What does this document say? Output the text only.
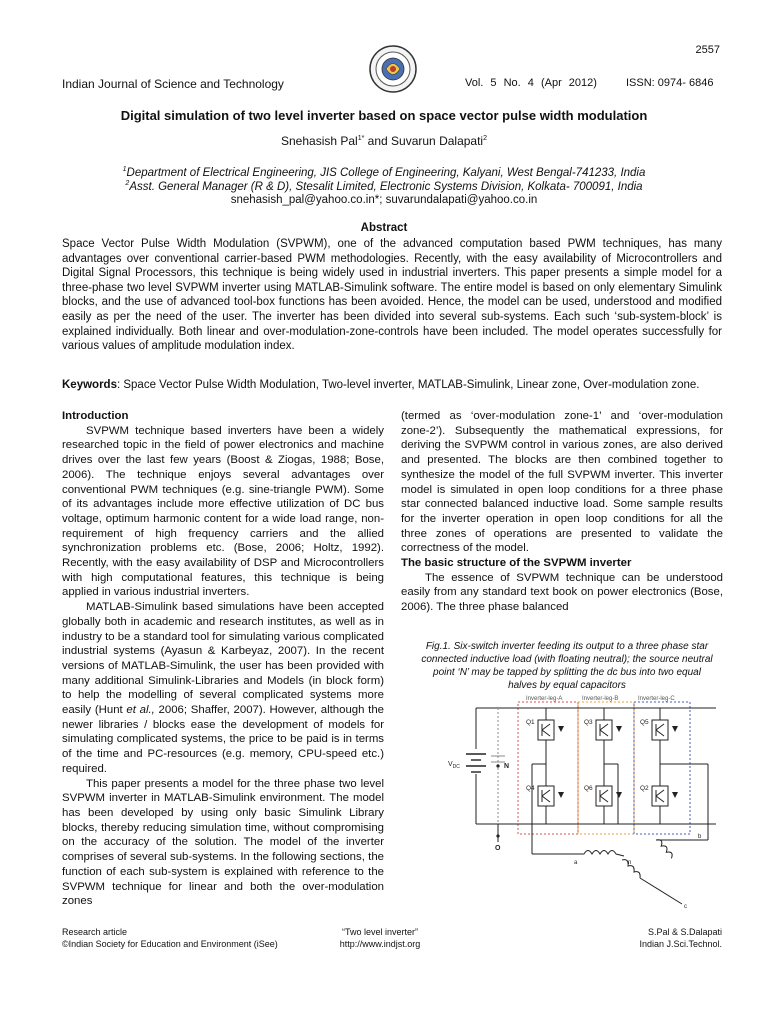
2557
Indian Journal of Science and Technology	Vol. 5 No. 4 (Apr 2012)	ISSN: 0974- 6846
Digital simulation of two level inverter based on space vector pulse width modulation
Snehasish Pal$^{1*}$ and Suvarun Dalapati$^2$
$^1$Department of Electrical Engineering, JIS College of Engineering, Kalyani, West Bengal-741233, India
$^2$Asst. General Manager (R & D), Stesalit Limited, Electronic Systems Division, Kolkata- 700091, India
snehasish_pal@yahoo.co.in*; suvarundalapati@yahoo.co.in
Abstract
Space Vector Pulse Width Modulation (SVPWM), one of the advanced computation based PWM techniques, has many advantages over conventional carrier-based PWM methodologies. Recently, with the easy availability of Microcontrollers and Digital Signal Processors, this technique is being widely used in industrial inverters. This paper presents a simple model for a three-phase two level SVPWM inverter using MATLAB-Simulink software. The entire model is based on only elementary Simulink blocks, and the use of advanced tool-box functions has been avoided. Hence, the model can be used, understood and modified easily as per the need of the user. The inverter has been divided into several sub-systems. Each such ‘sub-system-block’ is explained individually. Both linear and over-modulation-zone-controls have been included. The model operates successfully for various values of amplitude modulation index.
Keywords: Space Vector Pulse Width Modulation, Two-level inverter, MATLAB-Simulink, Linear zone, Over-modulation zone.

Introduction

SVPWM technique based inverters have been a widely researched topic in the field of power electronics and machine drives over the last few years (Boost & Ziogas, 1988; Bose, 2006). The technique enjoys several advantages over conventional PWM techniques (e.g. sine-triangle PWM). Some of its advantages include more effective utilization of DC bus voltage, optimum harmonic content for a wide load range, non-requirement of high frequency carriers and the allied synchronization problems etc. (Bose, 2006; Holtz, 1992). Recently, with the easy availability of DSP and Microcontrollers with high computational features, this technique is being applied in various industrial inverters.

MATLAB-Simulink based simulations have been accepted globally both in academic and research institutes, as well as in industry to be a standard tool for simulating various complicated industrial systems (Ayasun & Karbeyaz, 2007). In the recent versions of MATLAB-Simulink, the user has been provided with many additional Simulink-Libraries and Models (in block form) to help the modelling of several complicated systems more easily (Hunt et al., 2006; Shaffer, 2007). However, although the newer libraries / blocks ease the development of models for simulating complicated systems, the price to be paid is in terms of the time and PC-resources (e.g. memory, CPU-speed etc.) required.

This paper presents a model for the three phase two level SVPWM inverter in MATLAB-Simulink environment. The model has been developed by using only basic Simulink Library blocks, thereby reducing simulation time, without compromising on the accuracy of the solution. The model of the inverter comprises of several sub-systems. In the following sections, the function of each sub-system is explained with reference to the SVPWM technique for linear and both the over-modulation zones

(termed as ‘over-modulation zone-1’ and ‘over-modulation zone-2’). Subsequently the mathematical expressions, for deriving the SVPWM control in various zones, are also derived and presented. The blocks are then combined together to synthesize the model of the full SVPWM inverter. This inverter model is simulated in open loop conditions for a three phase star connected balanced inductive load. Some sample results for the inverter operation in open loop conditions for all the three zones of operations are presented to validate the correctness of the model.

The basic structure of the SVPWM inverter

The essence of SVPWM technique can be understood easily from any standard text book on power electronics (Bose, 2006). The three phase balanced

Fig.1. Six-switch inverter feeding its output to a three phase star connected inductive load (with floating neutral); the source neutral point ‘N’ may be tapped by splitting the dc bus into two equal halves by equal capacitors
Inverter-leg-A	Inverter-leg-B	Inverter-leg-C
$V_{DC}$	N
O
Q1
Q4
Q3
Q6
Q5
Q2
a
b
c
n
Research article
©Indian Society for Education and Environment (iSee)
“Two level inverter”
http://www.indjst.org
S.Pal & S.Dalapati
Indian J.Sci.Technol.
